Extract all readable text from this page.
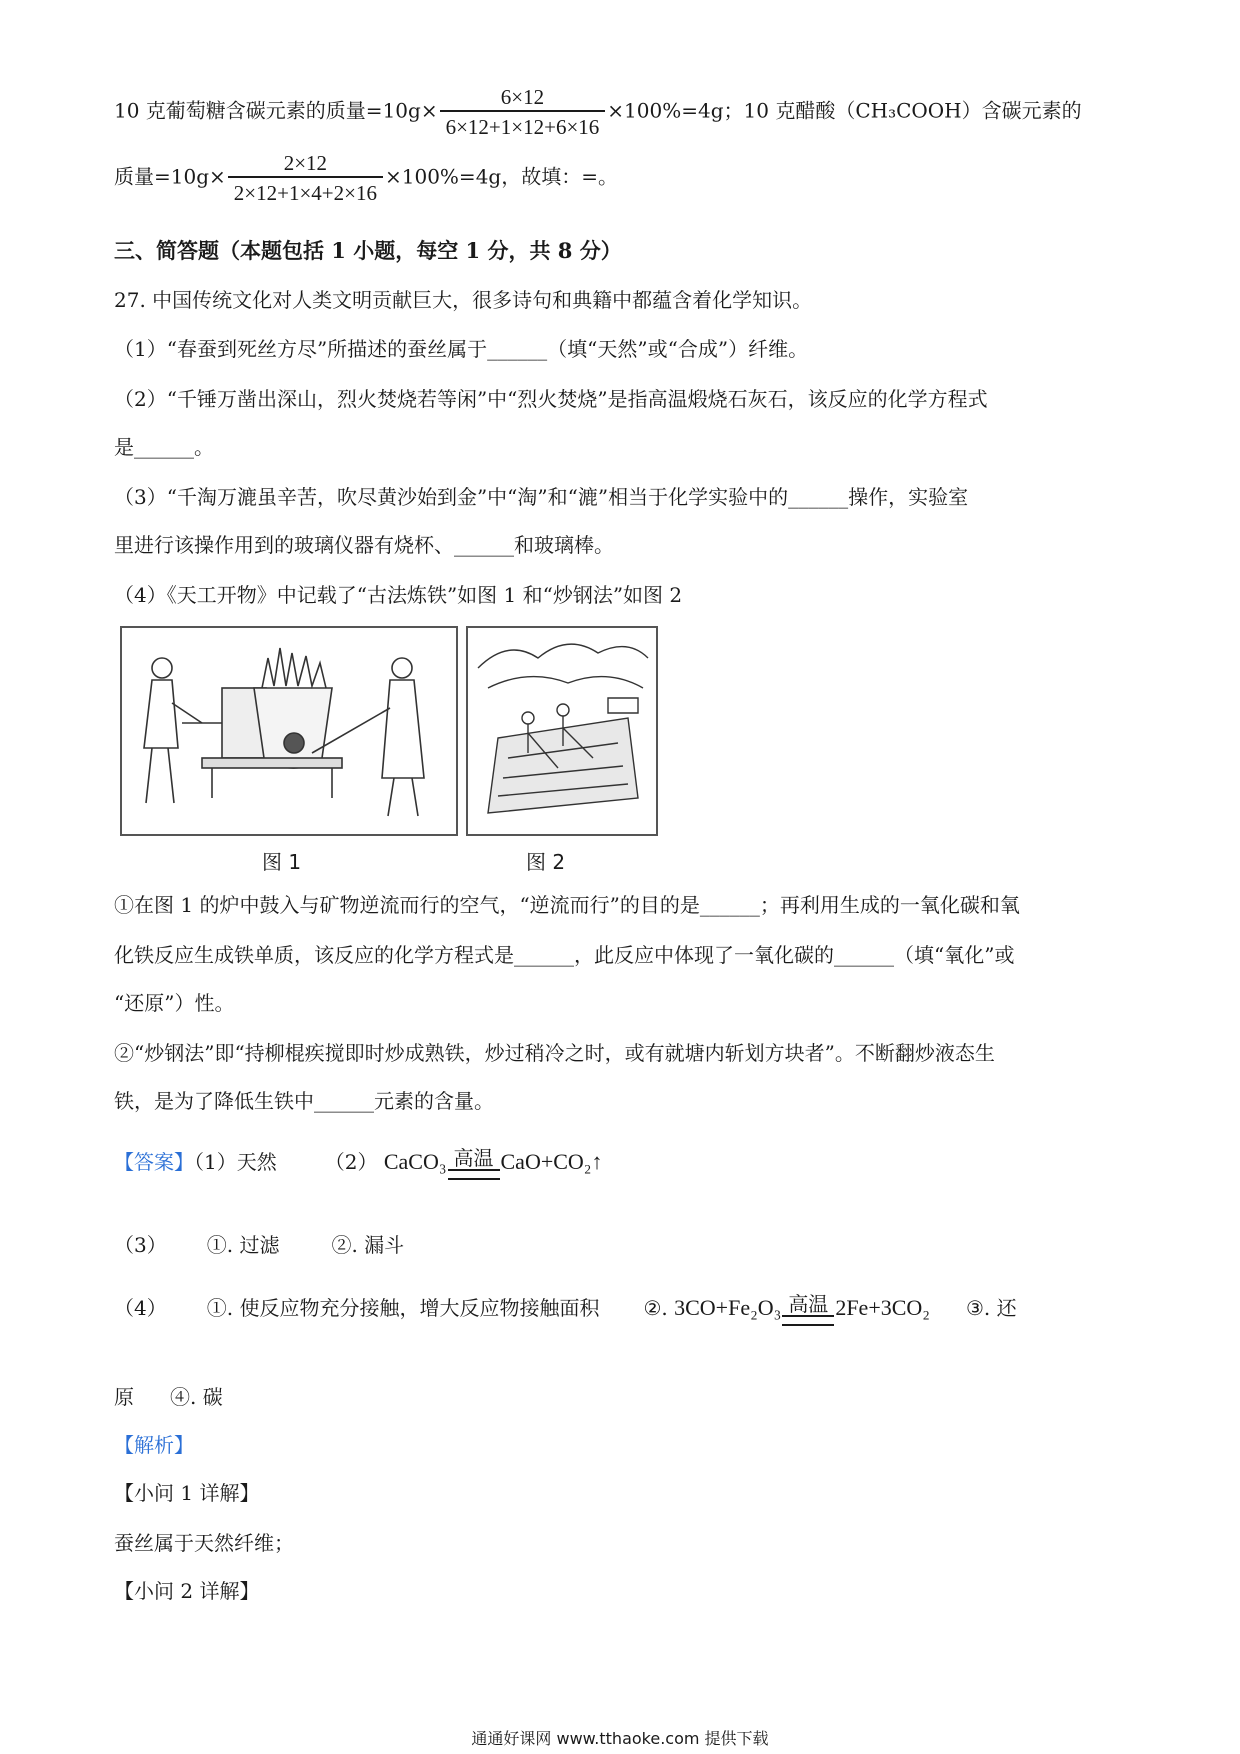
10 克葡萄糖含碳元素的质量$=10g\times \frac{6\times 12}{6\times 12+1\times 12+6\times 16} \times 100\%=4g$；10 克醋酸（CH₃COOH）含碳元素的
质量$=10g\times \frac{2\times 12}{2\times 12+1\times 4+2\times 16} \times 100\%=4g$，故填：=。
三、简答题（本题包括 1 小题，每空 1 分，共 8 分）
27. 中国传统文化对人类文明贡献巨大，很多诗句和典籍中都蕴含着化学知识。
（1）“春蚕到死丝方尽”所描述的蚕丝属于______（填“天然”或“合成”）纤维。
（2）“千锤万凿出深山，烈火焚烧若等闲”中“烈火焚烧”是指高温煅烧石灰石，该反应的化学方程式
是______。
（3）“千淘万漉虽辛苦，吹尽黄沙始到金”中“淘”和“漉”相当于化学实验中的______操作，实验室
里进行该操作用到的玻璃仪器有烧杯、______和玻璃棒。
（4）《天工开物》中记载了“古法炼铁”如图 1 和“炒钢法”如图 2
图 1	图 2
①在图 1 的炉中鼓入与矿物逆流而行的空气，“逆流而行”的目的是______；再利用生成的一氧化碳和氧
化铁反应生成铁单质，该反应的化学方程式是______，此反应中体现了一氧化碳的______（填“氧化”或
“还原”）性。
②“炒钢法”即“持柳棍疾搅即时炒成熟铁，炒过稍冷之时，或有就塘内斩划方块者”。不断翻炒液态生
铁，是为了降低生铁中______元素的含量。
【答案】（1）天然 （2） CaCO₃ 高温 CaO+CO₂↑
（3） ①. 过滤	②. 漏斗
（4） ①. 使反应物充分接触，增大反应物接触面积 ②. 3CO+Fe₂O₃ 高温 2Fe+3CO₂ ③. 还
原 ④. 碳
【解析】
【小问 1 详解】
蚕丝属于天然纤维；
【小问 2 详解】
通通好课网 www.tthaoke.com 提供下载
